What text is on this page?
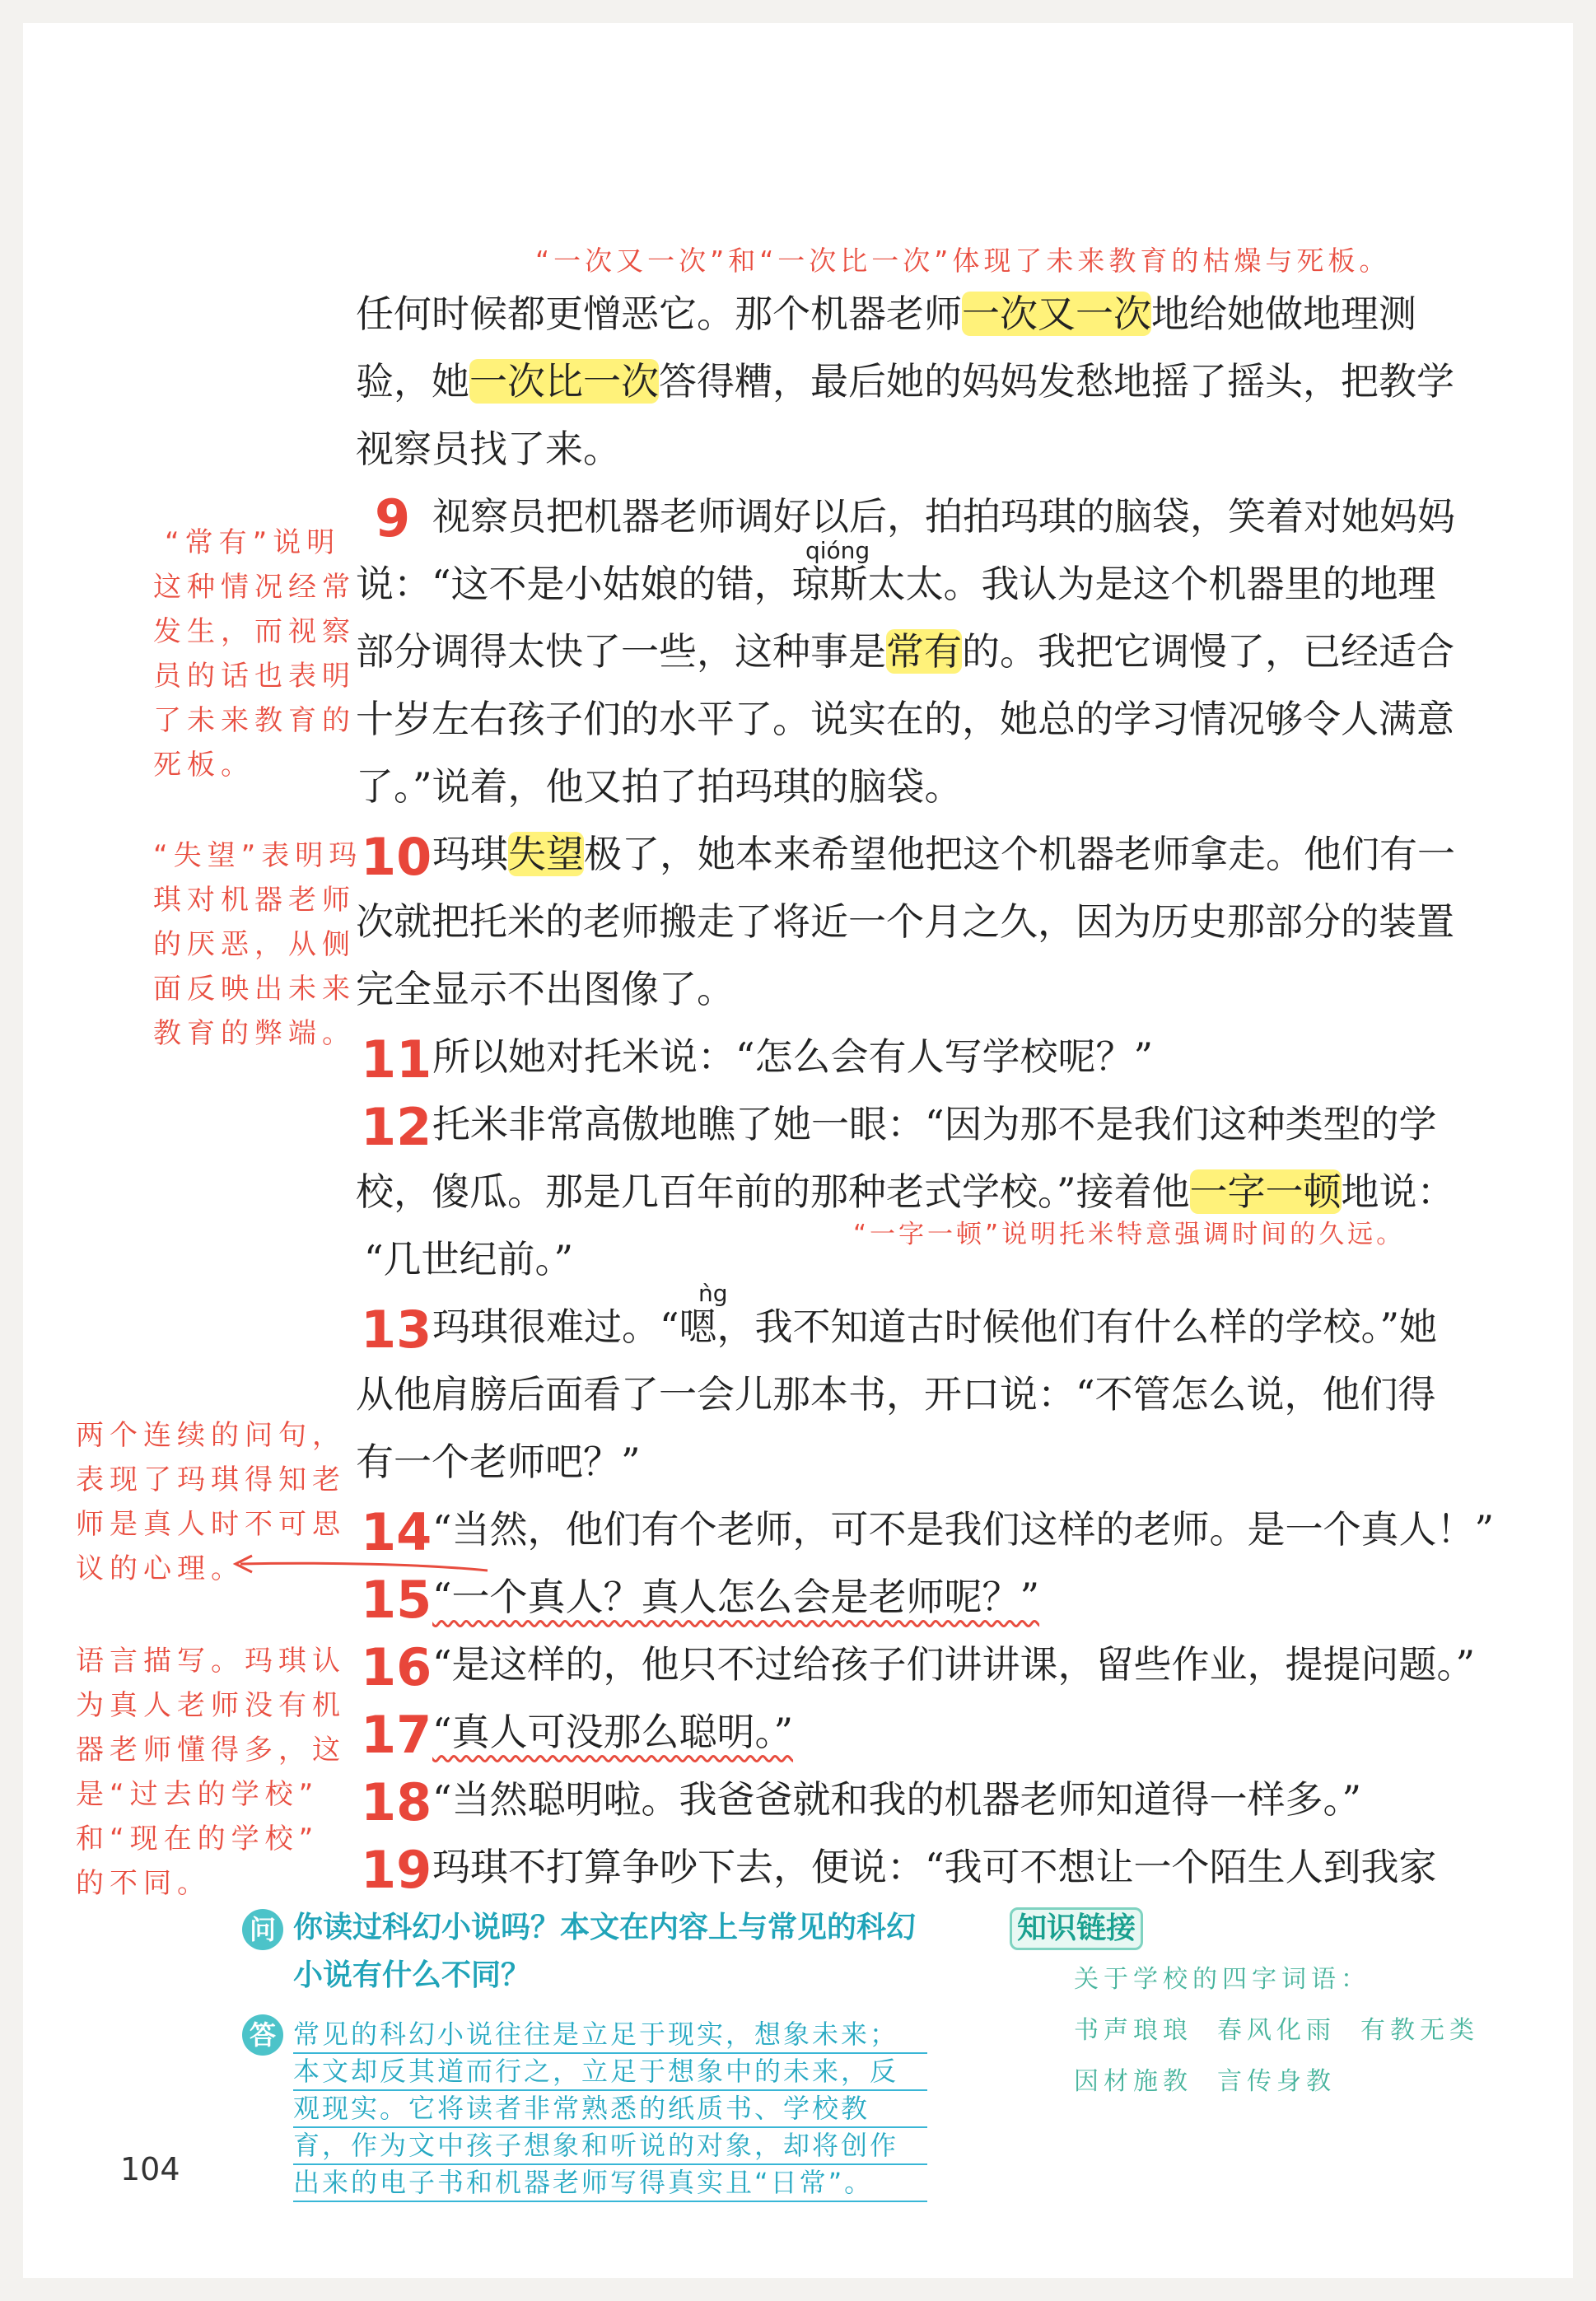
“一次又一次”和“一次比一次”体现了未来教育的枯燥与死板。
任何时候都更憎恶它。那个机器老师一次又一次地给她做地理测
验，她一次比一次答得糟，最后她的妈妈发愁地摇了摇头，把教学
视察员找了来。
9 视察员把机器老师调好以后，拍拍玛琪的脑袋，笑着对她妈妈
qióng
说：“这不是小姑娘的错，琼斯太太。我认为是这个机器里的地理
部分调得太快了一些，这种事是常有的。我把它调慢了，已经适合
十岁左右孩子们的水平了。说实在的，她总的学习情况够令人满意
了。”说着，他又拍了拍玛琪的脑袋。
“常有”说明
这种情况经常
发生，而视察
员的话也表明
了未来教育的
死板。
10 玛琪失望极了，她本来希望他把这个机器老师拿走。他们有一
次就把托米的老师搬走了将近一个月之久，因为历史那部分的装置
完全显示不出图像了。
“失望”表明玛
琪对机器老师
的厌恶，从侧
面反映出未来
教育的弊端。 11 所以她对托米说：“怎么会有人写学校呢？”
12 托米非常高傲地瞧了她一眼：“因为那不是我们这种类型的学
校，傻瓜。那是几百年前的那种老式学校。”接着他一字一顿地说：
“一字一顿”说明托米特意强调时间的久远。
“几世纪前。”
ǹg
13 玛琪很难过。“嗯，我不知道古时候他们有什么样的学校。”她
从他肩膀后面看了一会儿那本书，开口说：“不管怎么说，他们得
有一个老师吧？”
两个连续的问句，
表现了玛琪得知老
师是真人时不可思
议的心理。
14 “当然，他们有个老师，可不是我们这样的老师。是一个真人！”
15 “一个真人？真人怎么会是老师呢？”
16 “是这样的，他只不过给孩子们讲讲课，留些作业，提提问题。”
17 “真人可没那么聪明。”
18 “当然聪明啦。我爸爸就和我的机器老师知道得一样多。”
19 玛琪不打算争吵下去，便说：“我可不想让一个陌生人到我家
语言描写。玛琪认
为真人老师没有机
器老师懂得多，这
是“过去的学校”
和“现在的学校”
的不同。
问 你读过科幻小说吗？本文在内容上与常见的科幻
小说有什么不同？
答 常见的科幻小说往往是立足于现实，想象未来；
本文却反其道而行之，立足于想象中的未来，反
观现实。它将读者非常熟悉的纸质书、学校教
育，作为文中孩子想象和听说的对象，却将创作
出来的电子书和机器老师写得真实且“日常”。
知识链接
关于学校的四字词语：
书声琅琅 春风化雨 有教无类
因材施教 言传身教
104
